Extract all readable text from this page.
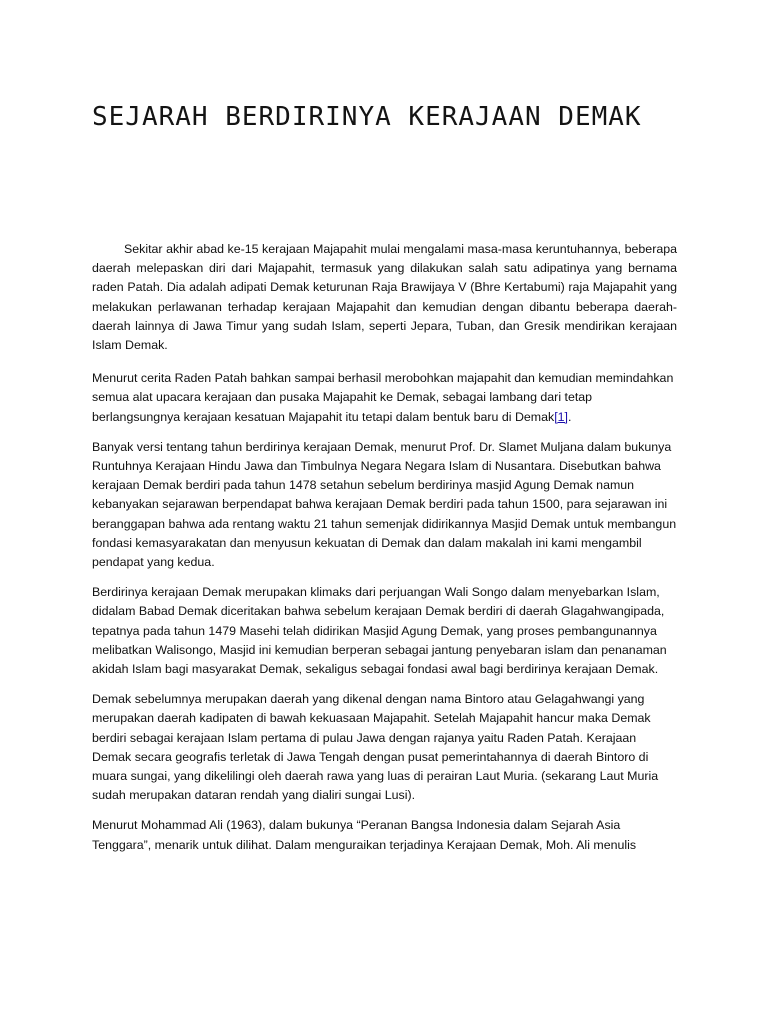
SEJARAH BERDIRINYA KERAJAAN DEMAK

Sekitar akhir abad ke-15 kerajaan Majapahit mulai mengalami masa-masa keruntuhannya, beberapa daerah melepaskan diri dari Majapahit, termasuk yang dilakukan salah satu adipatinya yang bernama raden Patah. Dia adalah adipati Demak keturunan Raja Brawijaya V (Bhre Kertabumi) raja Majapahit yang melakukan perlawanan terhadap kerajaan Majapahit dan kemudian dengan dibantu beberapa daerah-daerah lainnya di Jawa Timur yang sudah Islam, seperti Jepara, Tuban, dan Gresik mendirikan kerajaan Islam Demak.

Menurut cerita Raden Patah bahkan sampai berhasil merobohkan majapahit dan kemudian memindahkan semua alat upacara kerajaan dan pusaka Majapahit ke Demak, sebagai lambang dari tetap berlangsungnya kerajaan kesatuan Majapahit itu tetapi dalam bentuk baru di Demak[1].

Banyak versi tentang tahun berdirinya kerajaan Demak, menurut Prof. Dr. Slamet Muljana dalam bukunya Runtuhnya Kerajaan Hindu Jawa dan Timbulnya Negara Negara Islam di Nusantara. Disebutkan bahwa kerajaan Demak berdiri pada tahun 1478 setahun sebelum berdirinya masjid Agung Demak namun kebanyakan sejarawan berpendapat bahwa kerajaan Demak berdiri pada tahun 1500, para sejarawan ini beranggapan bahwa ada rentang waktu 21 tahun semenjak didirikannya Masjid Demak untuk membangun fondasi kemasyarakatan dan menyusun kekuatan di Demak dan dalam makalah ini kami mengambil pendapat yang kedua.

Berdirinya kerajaan Demak merupakan klimaks dari perjuangan Wali Songo dalam menyebarkan Islam, didalam Babad Demak diceritakan bahwa sebelum kerajaan Demak berdiri di daerah Glagahwangipada, tepatnya pada tahun 1479 Masehi telah didirikan Masjid Agung Demak, yang proses pembangunannya melibatkan Walisongo, Masjid ini kemudian berperan sebagai jantung penyebaran islam dan penanaman akidah Islam bagi masyarakat Demak, sekaligus sebagai fondasi awal bagi berdirinya kerajaan Demak.

Demak sebelumnya merupakan daerah yang dikenal dengan nama Bintoro atau Gelagahwangi yang merupakan daerah kadipaten di bawah kekuasaan Majapahit. Setelah Majapahit hancur maka Demak berdiri sebagai kerajaan Islam pertama di pulau Jawa dengan rajanya yaitu Raden Patah. Kerajaan Demak secara geografis terletak di Jawa Tengah dengan pusat pemerintahannya di daerah Bintoro di muara sungai, yang dikelilingi oleh daerah rawa yang luas di perairan Laut Muria. (sekarang Laut Muria sudah merupakan dataran rendah yang dialiri sungai Lusi).

Menurut Mohammad Ali (1963), dalam bukunya “Peranan Bangsa Indonesia dalam Sejarah Asia Tenggara”, menarik untuk dilihat. Dalam menguraikan terjadinya Kerajaan Demak, Moh. Ali menulis
